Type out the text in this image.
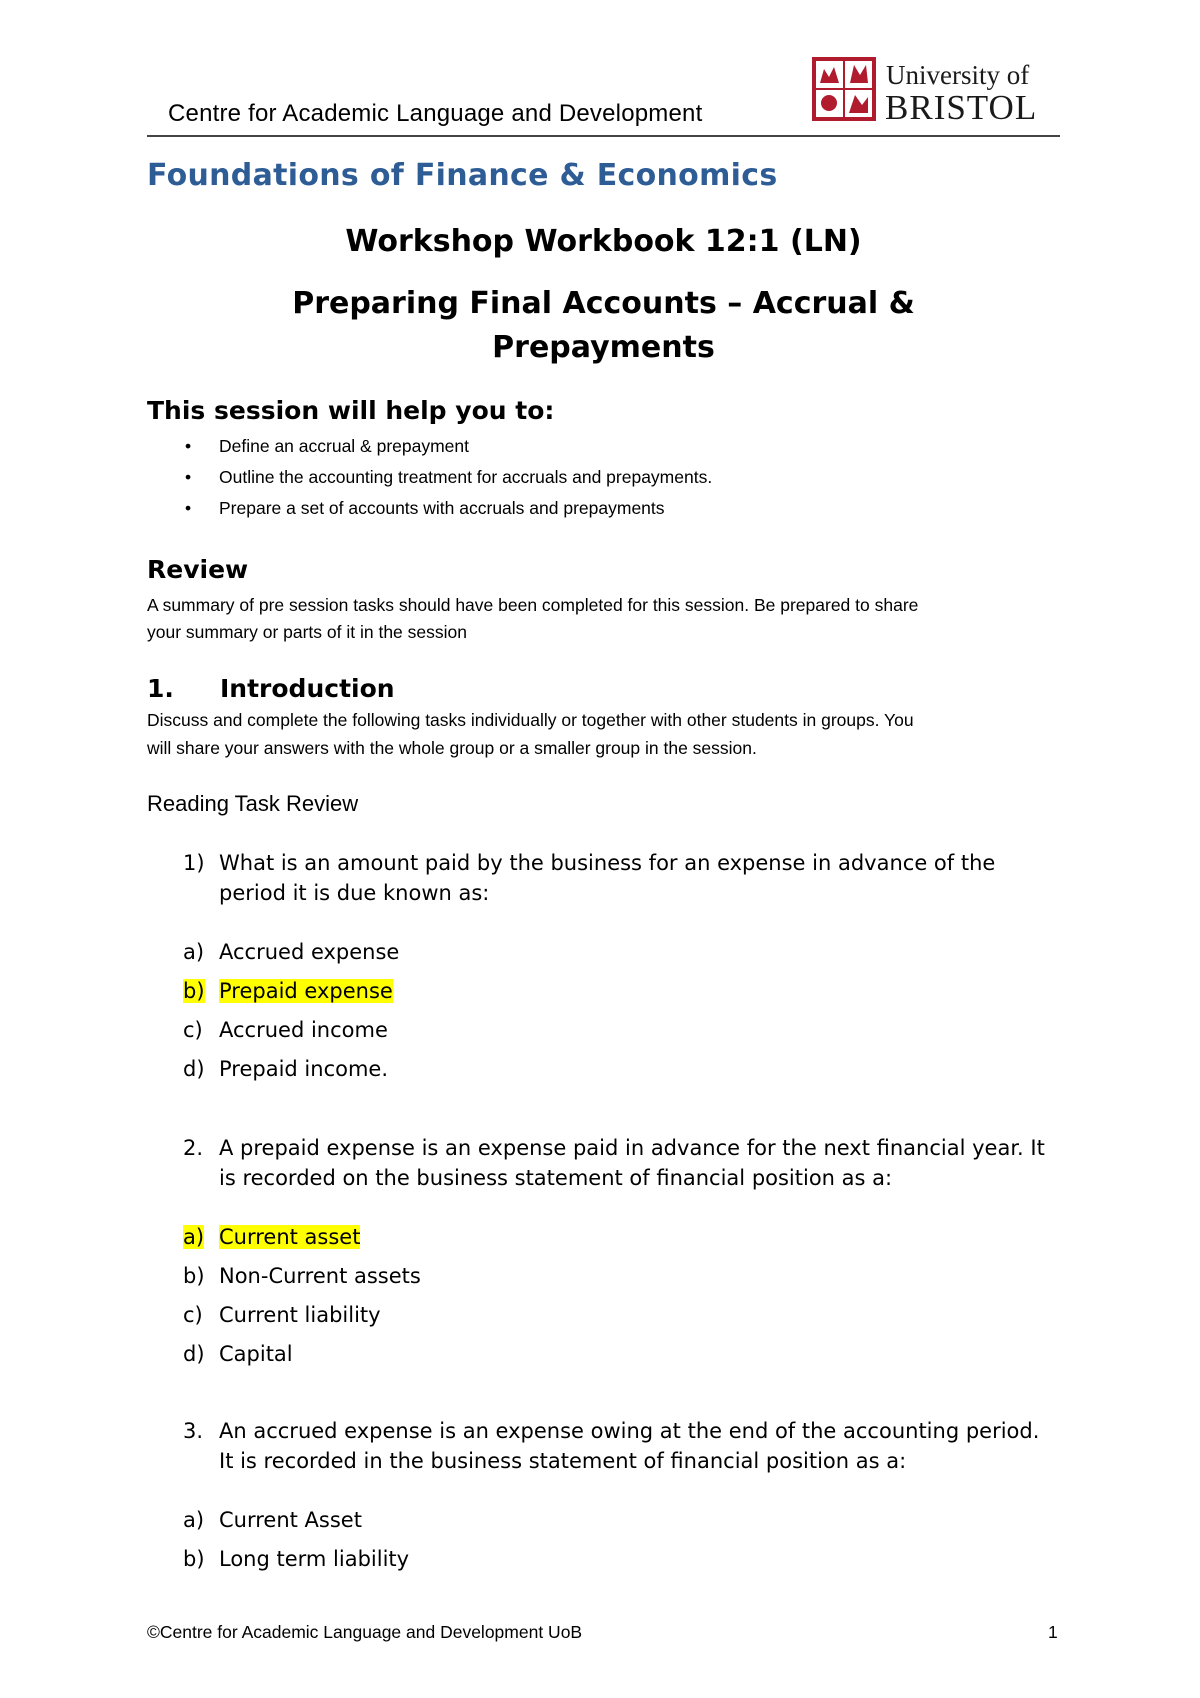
Centre for Academic Language and Development
University of
BRISTOL
Foundations of Finance & Economics
Workshop Workbook 12:1 (LN)
Preparing Final Accounts – Accrual &
Prepayments
This session will help you to:
• Define an accrual & prepayment
• Outline the accounting treatment for accruals and prepayments.
• Prepare a set of accounts with accruals and prepayments
Review
A summary of pre session tasks should have been completed for this session. Be prepared to share
your summary or parts of it in the session
1. Introduction
Discuss and complete the following tasks individually or together with other students in groups. You
will share your answers with the whole group or a smaller group in the session.
Reading Task Review
1) What is an amount paid by the business for an expense in advance of the period it is due known as:
a) Accrued expense
b) Prepaid expense
c) Accrued income
d) Prepaid income.
2. A prepaid expense is an expense paid in advance for the next financial year. It is recorded on the business statement of financial position as a:
a) Current asset
b) Non-Current assets
c) Current liability
d) Capital
3. An accrued expense is an expense owing at the end of the accounting period. It is recorded in the business statement of financial position as a:
a) Current Asset
b) Long term liability
©Centre for Academic Language and Development UoB	1
